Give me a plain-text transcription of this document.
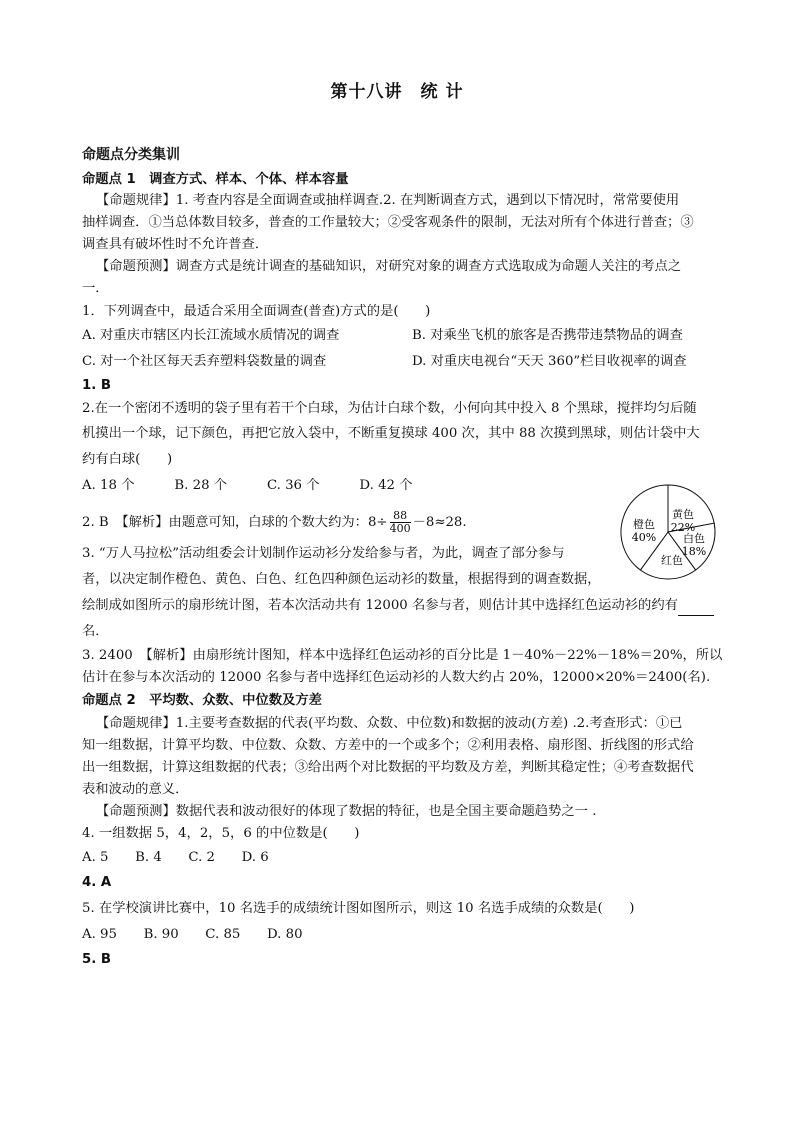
第十八讲　统 计
命题点分类集训
命题点 1　调查方式、样本、个体、样本容量
【命题规律】1. 考查内容是全面调查或抽样调查.2. 在判断调查方式，遇到以下情况时，常常要使用
抽样调查．①当总体数目较多，普查的工作量较大；②受客观条件的限制，无法对所有个体进行普查；③
调查具有破坏性时不允许普查．
【命题预测】调查方式是统计调查的基础知识，对研究对象的调查方式选取成为命题人关注的考点之
一．
1．下列调查中，最适合采用全面调查(普查)方式的是(　　)
A. 对重庆市辖区内长江流域水质情况的调查	B. 对乘坐飞机的旅客是否携带违禁物品的调查
C. 对一个社区每天丢弃塑料袋数量的调查	D. 对重庆电视台“天天 360”栏目收视率的调查
1. B
2.在一个密闭不透明的袋子里有若干个白球，为估计白球个数，小何向其中投入 8 个黑球，搅拌均匀后随
机摸出一个球，记下颜色，再把它放入袋中，不断重复摸球 400 次，其中 88 次摸到黑球，则估计袋中大
约有白球(　　)
A. 18 个　　　B. 28 个　　　C. 36 个　　　D. 42 个
2. B　【解析】由题意可知，白球的个数大约为：$8\div \frac{88}{400} -8\approx 28$.
3. “万人马拉松”活动组委会计划制作运动衫分发给参与者，为此，调查了部分参与
者，以决定制作橙色、黄色、白色、红色四种颜色运动衫的数量，根据得到的调查数据，
绘制成如图所示的扇形统计图，若本次活动共有 12000 名参与者，则估计其中选择红色运动衫的约有
名．
3. 2400　【解析】由扇形统计图知，样本中选择红色运动衫的百分比是 1－40%－22%－18%＝20%，所以
估计在参与本次活动的 12000 名参与者中选择红色运动衫的人数大约占 20%，12000×20%＝2400(名).
橙色
40%
黄色
22%
白色
18%
红色
命题点 2　平均数、众数、中位数及方差
【命题规律】1.主要考查数据的代表(平均数、众数、中位数)和数据的波动(方差) .2.考查形式：①已
知一组数据，计算平均数、中位数、众数、方差中的一个或多个；②利用表格、扇形图、折线图的形式给
出一组数据，计算这组数据的代表；③给出两个对比数据的平均数及方差，判断其稳定性；④考查数据代
表和波动的意义．
【命题预测】数据代表和波动很好的体现了数据的特征，也是全国主要命题趋势之一 .
4. 一组数据 5，4，2，5，6 的中位数是(　　)
A. 5　　B. 4　　C. 2　　D. 6
4. A
5. 在学校演讲比赛中，10 名选手的成绩统计图如图所示，则这 10 名选手成绩的众数是(　　)
A. 95　　B. 90　　C. 85　　D. 80
5. B
